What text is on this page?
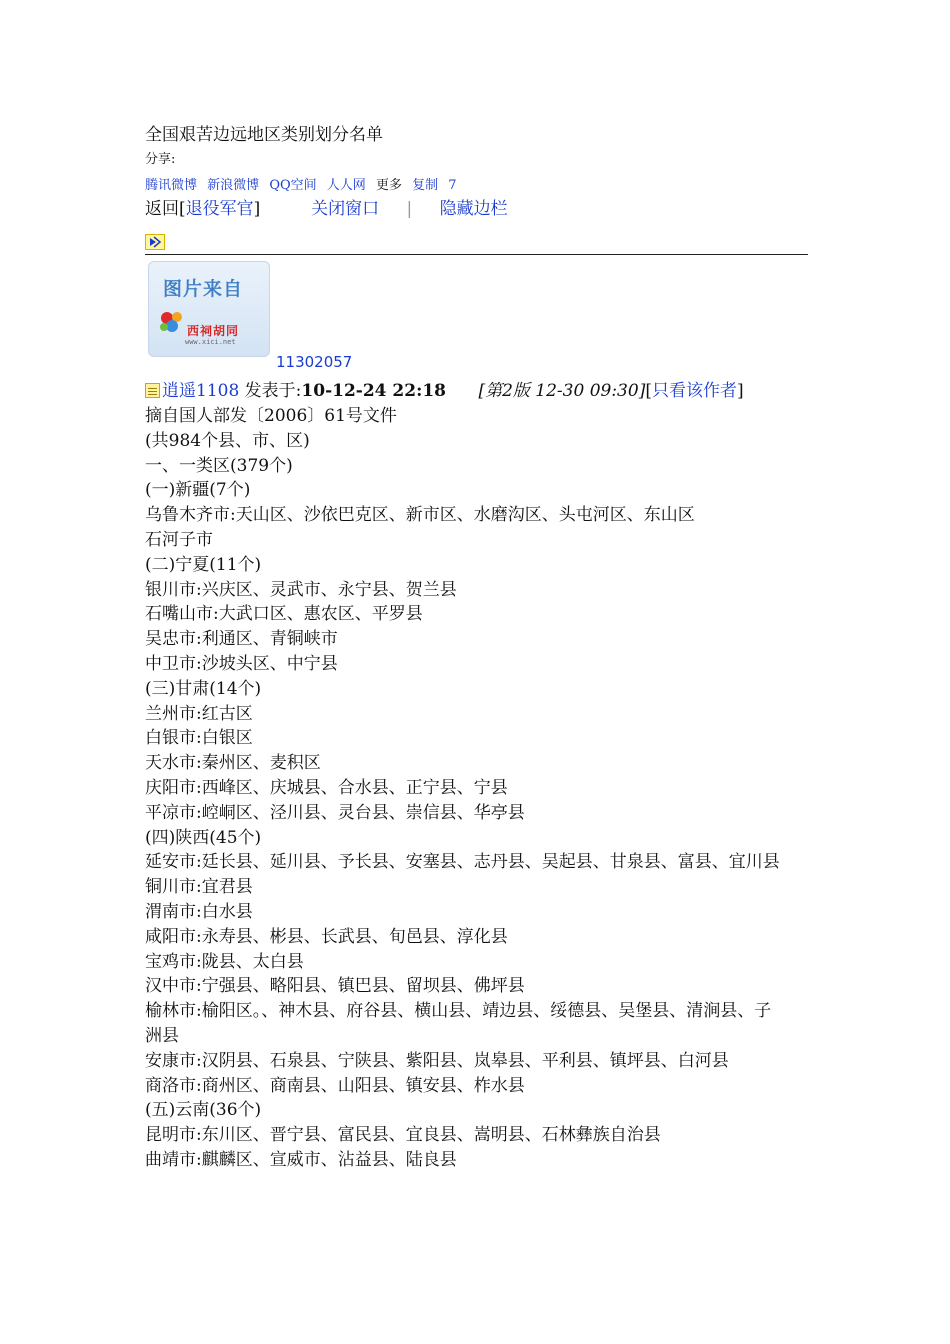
全国艰苦边远地区类别划分名单
分享:
腾讯微博 新浪微博 QQ空间 人人网 更多 复制 7
返回[退役军官]	关闭窗口 | 隐藏边栏
图片来自
西祠胡同
www.xici.net
11302057
逍遥1108 发表于:10-12-24 22:18 [第2版 12-30 09:30][只看该作者]
摘自国人部发〔2006〕61号文件
(共984个县、市、区)
一、一类区(379个)
(一)新疆(7个)
乌鲁木齐市:天山区、沙依巴克区、新市区、水磨沟区、头屯河区、东山区
石河子市
(二)宁夏(11个)
银川市:兴庆区、灵武市、永宁县、贺兰县
石嘴山市:大武口区、惠农区、平罗县
吴忠市:利通区、青铜峡市
中卫市:沙坡头区、中宁县
(三)甘肃(14个)
兰州市:红古区
白银市:白银区
天水市:秦州区、麦积区
庆阳市:西峰区、庆城县、合水县、正宁县、宁县
平凉市:崆峒区、泾川县、灵台县、崇信县、华亭县
(四)陕西(45个)
延安市:廷长县、延川县、予长县、安塞县、志丹县、吴起县、甘泉县、富县、宜川县
铜川市:宜君县
渭南市:白水县
咸阳市:永寿县、彬县、长武县、旬邑县、淳化县
宝鸡市:陇县、太白县
汉中市:宁强县、略阳县、镇巴县、留坝县、佛坪县
榆林市:榆阳区。、神木县、府谷县、横山县、靖边县、绥德县、吴堡县、清涧县、子
洲县
安康市:汉阴县、石泉县、宁陕县、紫阳县、岚皋县、平利县、镇坪县、白河县
商洛市:商州区、商南县、山阳县、镇安县、柞水县
(五)云南(36个)
昆明市:东川区、晋宁县、富民县、宜良县、嵩明县、石林彝族自治县
曲靖市:麒麟区、宣威市、沾益县、陆良县
